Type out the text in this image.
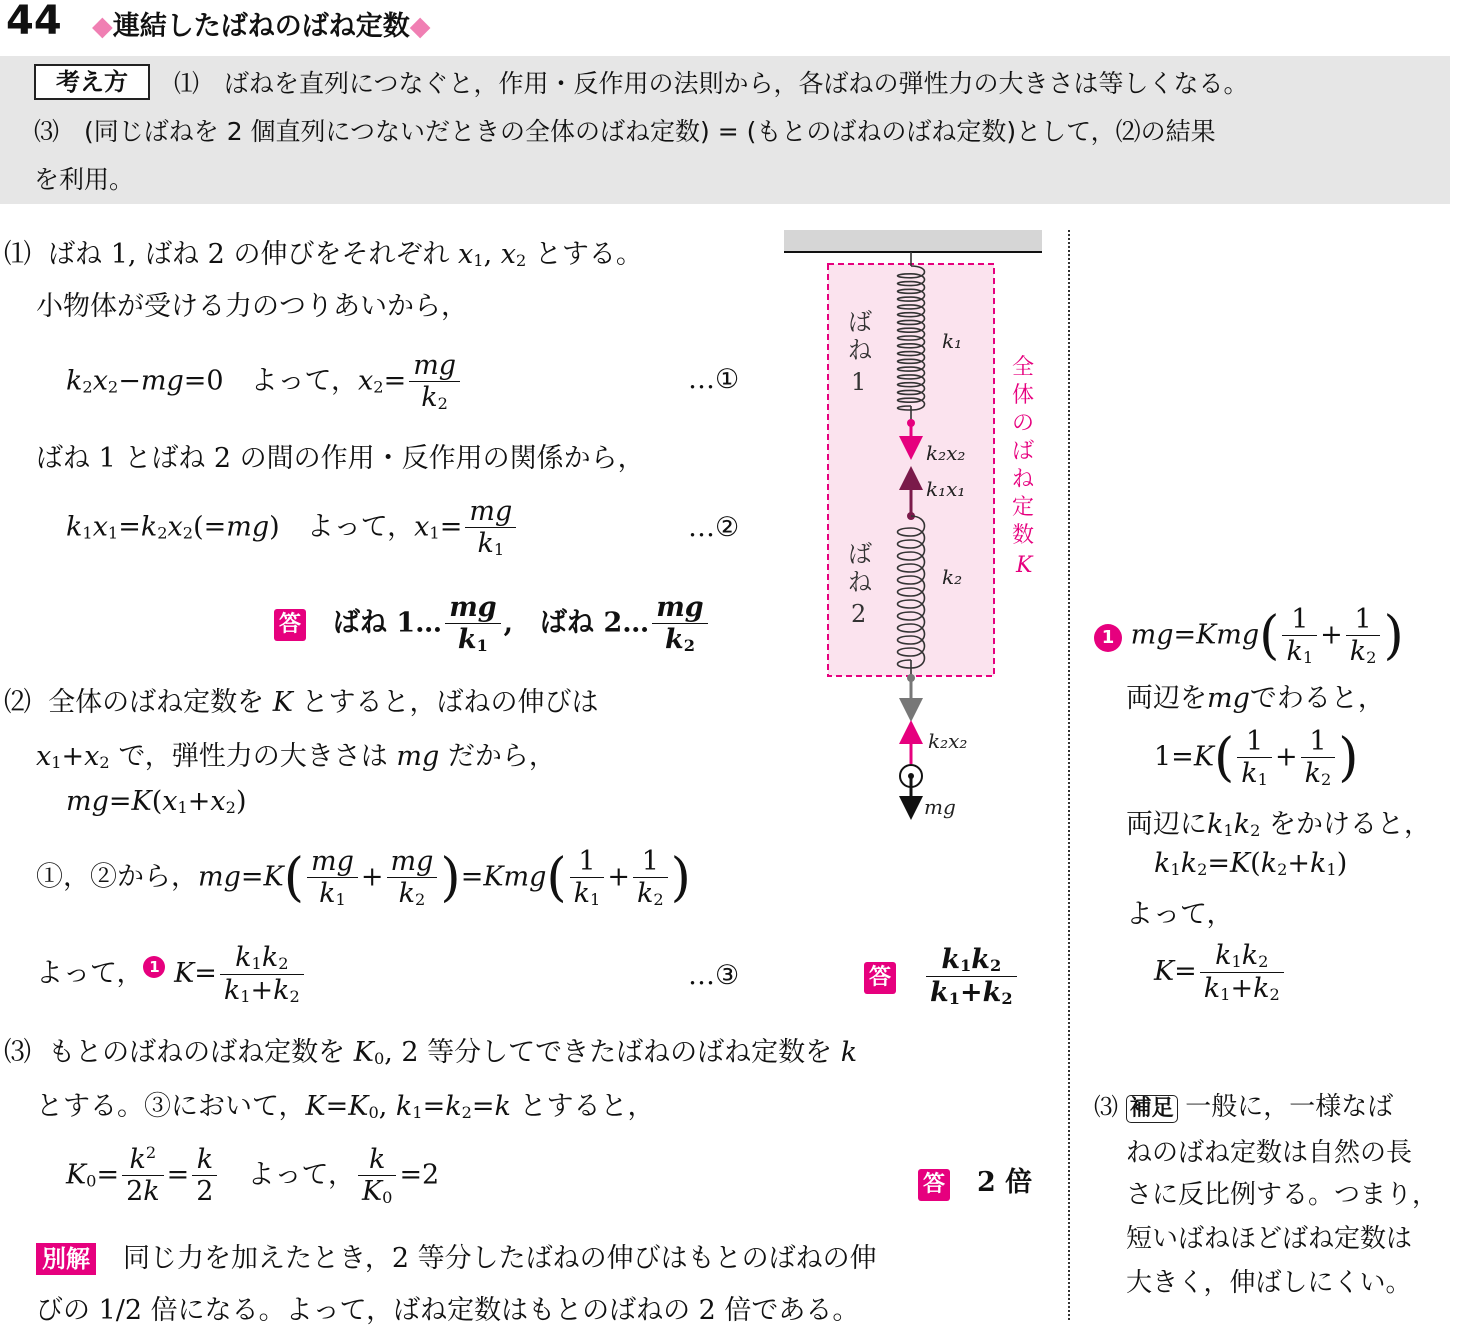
44 ◆連結したばねのばね定数◆
考え方	⑴　ばねを直列につなぐと，作用・反作用の法則から，各ばねの弾性力の大きさは等しくなる。
⑶　(同じばねを 2 個直列につないだときの全体のばね定数) = (もとのばねのばね定数)として，⑵の結果
を利用。
⑴ ばね 1, ばね 2 の伸びをそれぞれ $x_1$, $x_2$ とする。
小物体が受ける力のつりあいから，
$k_2x_2-mg=0$　よって，$x_2= \frac{mg}{k_2}$	…①
ばね 1 とばね 2 の間の作用・反作用の関係から，
$k_1x_1=k_2x_2(=mg)$　よって，$x_1= \frac{mg}{k_1}$	…②
答　 ばね 1… $\frac{mg}{k_1}$ ,　ばね 2… $\frac{mg}{k_2}$
⑵ 全体のばね定数を K とすると，ばねの伸びは
$x_1+x_2$ で，弾性力の大きさは mg だから，
$mg=K(x_1+x_2)$
①，②から，$mg=K( \frac{mg}{k_1} + \frac{mg}{k_2} )=Kmg( \frac{1}{k_1} + \frac{1}{k_2}$ )
よって， 1 $K= \frac{k_1k_2}{k_1+k_2}$	…③	答　 $\frac{k_1k_2}{k_1+k_2}$
⑶ もとのばねのばね定数を $K_0$, 2 等分してできたばねのばね定数を k
とする。③において，$K=K_0$, $k_1=k_2=k$ とすると，
$K_0= \frac{k^2}{2k} = \frac{k}{2}$
　 よって， $\frac{k}{K_0} =2$	答　 2 倍
別解　 同じ力を加えたとき，2 等分したばねの伸びはもとのばねの伸
びの 1/2 倍になる。よって，ばね定数はもとのばねの 2 倍である。
1 $mg=Kmg( \frac{1}{k_1} + \frac{1}{k_2}$ )
両辺をmgでわると，
$1=K( \frac{1}{k_1} + \frac{1}{k_2}$ )
両辺に$k_1k_2$ をかけると，
$k_1k_2=K(k_2+k_1)$
よって，
$K= \frac{k_1k_2}{k_1+k_2}$
⑶ 補足 一般に，一様なば
ねのばね定数は自然の長
さに反比例する。つまり，
短いばねほどばね定数は
大きく，伸ばしにくい。
ばね 1
ばね 2
全 体 の ば ね 定 数 K
k₁
k₂
k₂x₂
k₁x₁
k₂x₂
mg
